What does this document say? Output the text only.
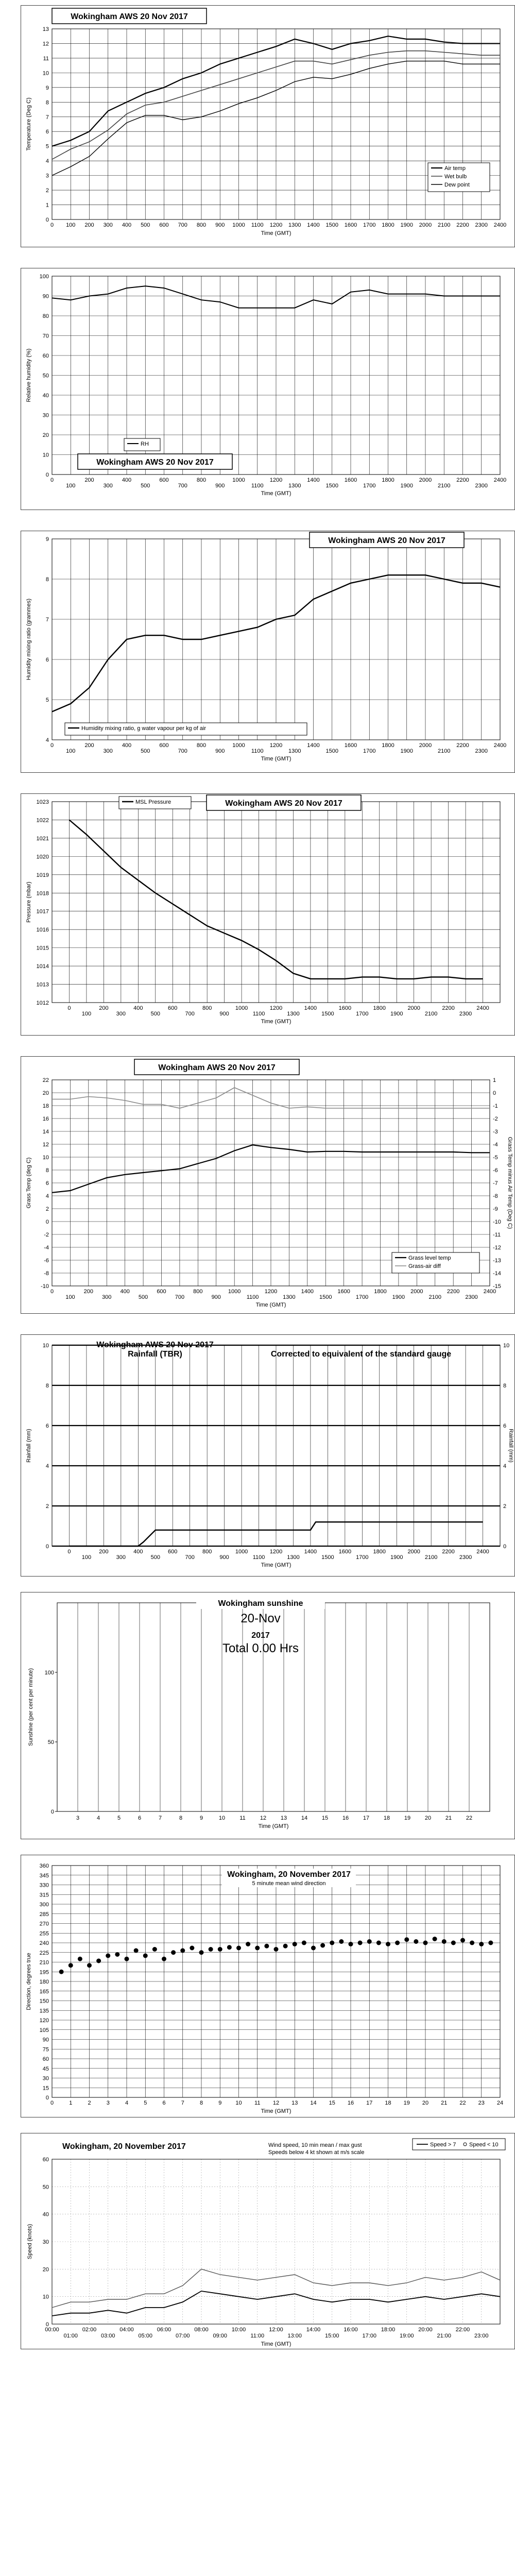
0
1
2
3
4
5
6
7
8
9
10
11
12
13
0 100 200 300 400 500 600 700 800 900 1000 1100 1200 1300 1400 1500 1600 1700 1800 1900 2000 2100 2200 2300 2400
Time (GMT)
Temperature (Deg C)
Wokingham AWS 20 Nov 2017
Air temp
Wet bulb
Dew point
0
10
20
30
40
50
60
70
80
90
100
0
100
200
300
400
500
600
700
800
900
1000
1100
1200
1300
1400
1500
1600
1700
1800
1900
2000
2100
2200
2300
2400
Time (GMT)
Relative humidity (%)
RH
Wokingham AWS 20 Nov 2017
4
5
6
7
8
9
0
100
200
300
400
500
600
700
800
900
1000
1100
1200
1300
1400
1500
1600
1700
1800
1900
2000
2100
2200
2300
2400
Time (GMT)
Humidity mixing ratio (grammes)
Wokingham AWS 20 Nov 2017
Humidity mixing ratio, g water vapour per kg of air
1012
1013
1014
1015
1016
1017
1018
1019
1020
1021
1022
1023
0
100
200
300
400
500
600
700
800
900
1000
1100
1200
1300
1400
1500
1600
1700
1800
1900
2000
2100
2200
2300
2400
Time (GMT)
Pressure (mbar)
MSL Pressure	Wokingham AWS 20 Nov 2017
-10
-8
-6
-4
-2
0
2
4
6
8
10
12
14
16
18
20
22
0
100
200
300
400
500
600
700
800
900
1000
1100
1200
1300
1400
1500
1600
1700
1800
1900
2000
2100
2200
2300
2400
Time (GMT)
Grass Temp (deg C)
-15
-14
-13
-12
-11
-10
-9
-8
-7
-6
-5
-4
-3
-2
-1
0
1
Grass Temp minus Air Temp (Deg C)
Wokingham AWS 20 Nov 2017
Grass level temp
Grass-air diff
0
2
4
6
8
10
0
100
200
300
400
500
600
700
800
900
1000
1100
1200
1300
1400
1500
1600
1700
1800
1900
2000
2100
2200
2300
2400
Time (GMT)
Rainfall (mm)
0
2
4
6
8
10
Rainfall (mm)
Wokingham AWS 20 Nov 2017
Rainfall (TBR)	Corrected to equivalent of the standard gauge
3	4	5	6	7	8	9	10	11	12	13	14	15	16	17	18	19	20	21	22
0
50
100
Time (GMT)
Sunshine (per cent per minute)
Wokingham sunshine
20-Nov
2017
Total 0.00 Hrs
0
15
30
45
60
75
90
105
120
135
150
165
180
195
210
225
240
255
270
285
300
315
330
345
360
0	1	2	3	4	5	6	7	8	9 10 11 12 13 14 15 16 17 18 19 20 21 22 23 24
Time (GMT)
Direction, degrees true
Wokingham, 20 November 2017
5 minute mean wind direction
0
10
20
30
40
50
60
00:00
01:00
02:00
03:00
04:00
05:00
06:00
07:00
08:00
09:00
10:00
11:00
12:00
13:00
14:00
15:00
16:00
17:00
18:00
19:00
20:00
21:00
22:00
23:00
Time (GMT)
Speed (knots)
Wokingham, 20 November 2017	Wind speed, 10 min mean / max gust
Speeds below 4 kt shown at m/s scale
Speed > 7 Speed < 10
